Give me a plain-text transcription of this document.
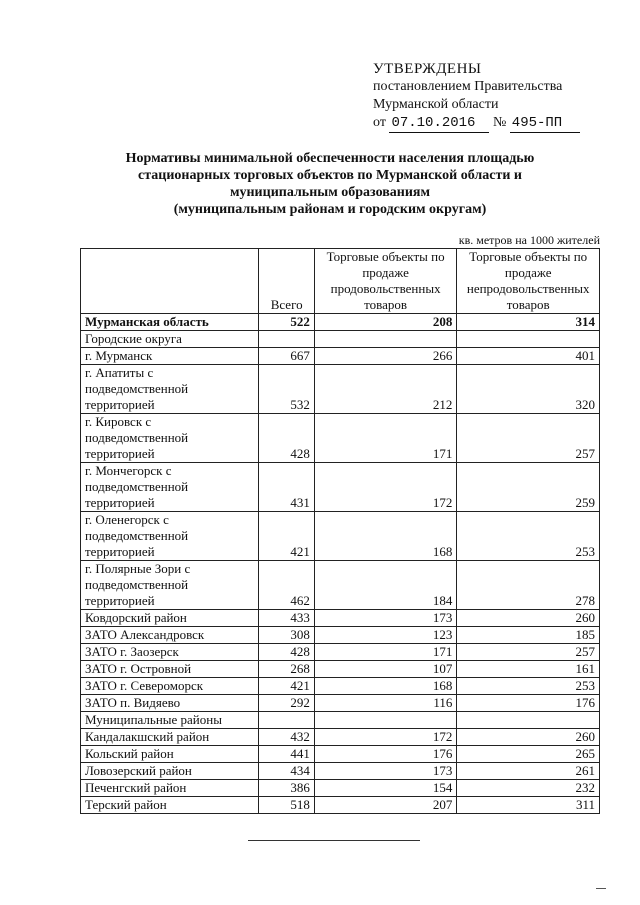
УТВЕРЖДЕНЫ
постановлением Правительства
Мурманской области
от
07.10.2016
	№
495-ПП
Нормативы минимальной обеспеченности населения площадью
стационарных торговых объектов по Мурманской области и
муниципальным образованиям
(муниципальным районам и городским округам)
кв. метров на 1000 жителей
	Всего	Торговые объекты по продаже продовольственных товаров	Торговые объекты по продаже непродовольственных товаров
Мурманская область	522	208	314
Городские округа			
г. Мурманск	667	266	401
г. Апатиты с подведомственной территорией	532	212	320
г. Кировск с подведомственной территорией	428	171	257
г. Мончегорск с подведомственной территорией	431	172	259
г. Оленегорск с подведомственной территорией	421	168	253
г. Полярные Зори с подведомственной территорией	462	184	278
Ковдорский район	433	173	260
ЗАТО Александровск	308	123	185
ЗАТО г. Заозерск	428	171	257
ЗАТО г. Островной	268	107	161
ЗАТО г. Североморск	421	168	253
ЗАТО п. Видяево	292	116	176
Муниципальные районы			
Кандалакшский район	432	172	260
Кольский район	441	176	265
Ловозерский район	434	173	261
Печенгский район	386	154	232
Терский район	518	207	311
